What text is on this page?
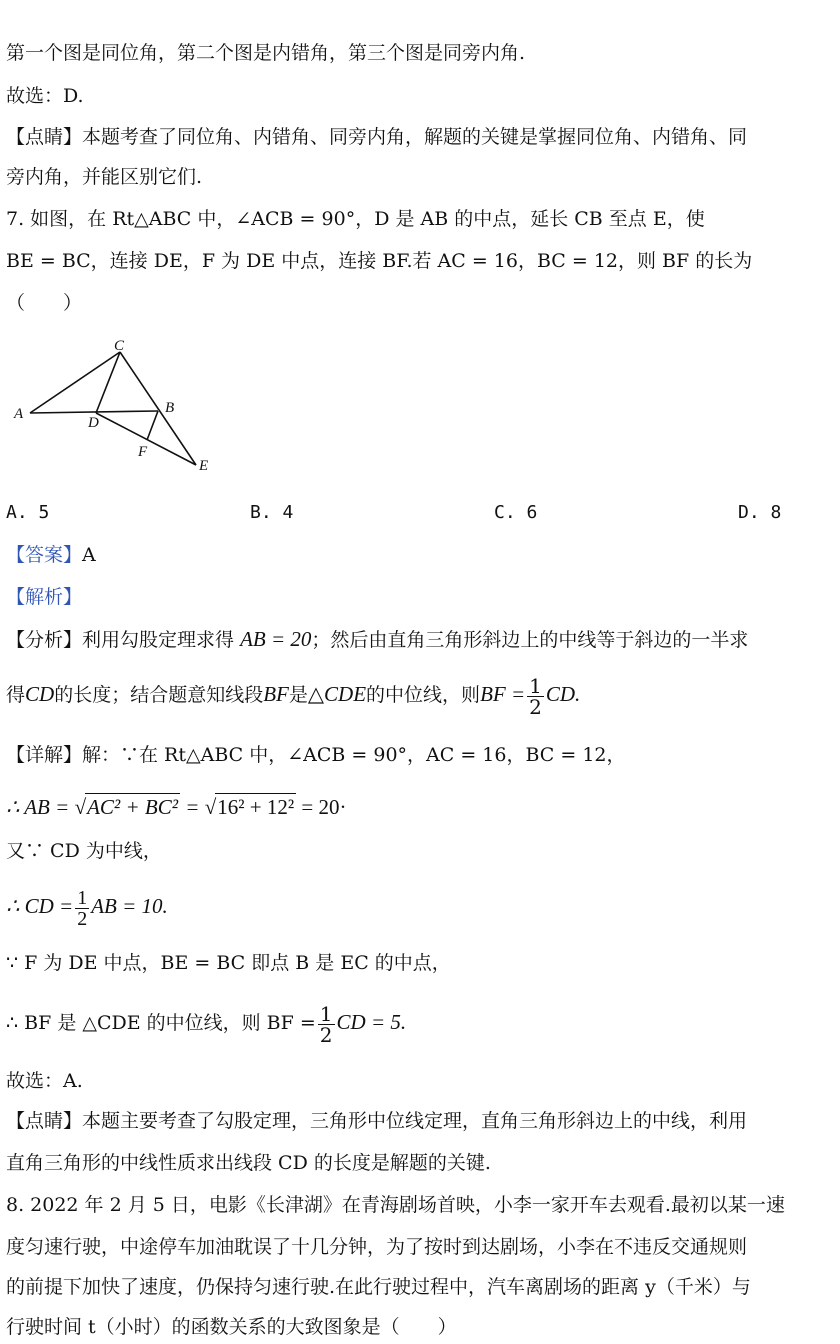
第一个图是同位角，第二个图是内错角，第三个图是同旁内角.
故选：D.
【点睛】本题考查了同位角、内错角、同旁内角，解题的关键是掌握同位角、内错角、同
旁内角，并能区别它们.
7. 如图，在 Rt△ABC 中，∠ACB = 90°，D 是 AB 的中点，延长 CB 至点 E，使
BE = BC，连接 DE，F 为 DE 中点，连接 BF.若 AC = 16，BC = 12，则 BF 的长为
（　　）
C
A
D
B
F
E
A. 5	B. 4	C. 6	D. 8
【答案】A
【解析】
【分析】利用勾股定理求得 AB = 20；然后由直角三角形斜边上的中线等于斜边的一半求
得CD的长度；结合题意知线段BF是△CDE的中位线，则BF = $\frac{1}{2}$ CD.
【详解】解：∵在 Rt△ABC 中，∠ACB = 90°，AC = 16，BC = 12，
∴ AB = √AC² + BC² = √16² + 12² = 20·
又∵ CD 为中线，
∴ CD = $\frac{1}{2}$ AB = 10.
∵ F 为 DE 中点，BE = BC 即点 B 是 EC 的中点，
∴ BF 是 △CDE 的中位线，则 BF = $\frac{1}{2}$ CD = 5.
故选：A.
【点睛】本题主要考查了勾股定理，三角形中位线定理，直角三角形斜边上的中线，利用
直角三角形的中线性质求出线段 CD 的长度是解题的关键.
8. 2022 年 2 月 5 日，电影《长津湖》在青海剧场首映，小李一家开车去观看.最初以某一速
度匀速行驶，中途停车加油耽误了十几分钟，为了按时到达剧场，小李在不违反交通规则
的前提下加快了速度，仍保持匀速行驶.在此行驶过程中，汽车离剧场的距离 y（千米）与
行驶时间 t（小时）的函数关系的大致图象是（　　）
